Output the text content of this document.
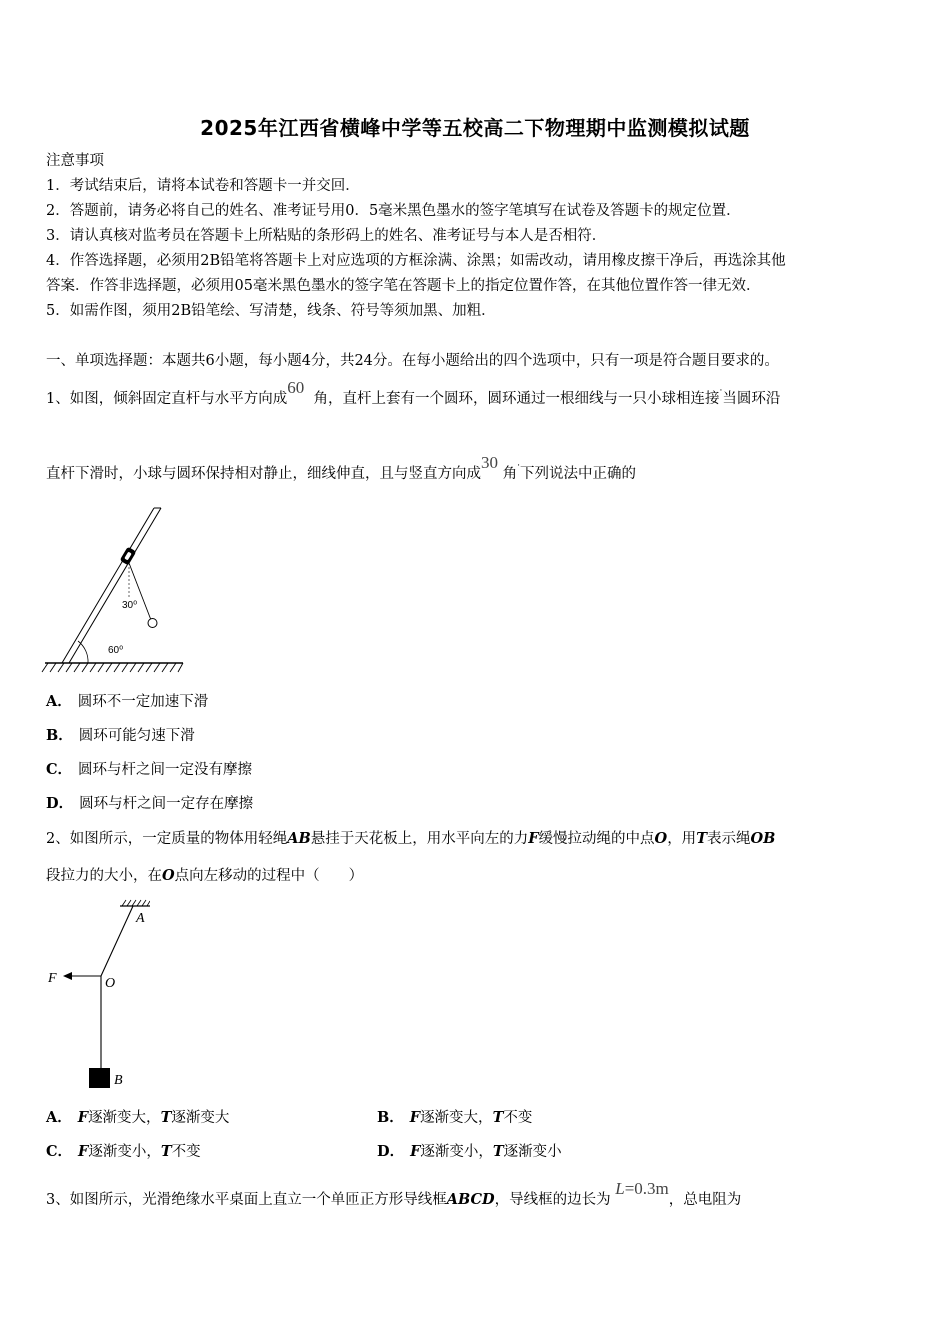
2025年江西省横峰中学等五校高二下物理期中监测模拟试题
注意事项
1．考试结束后，请将本试卷和答题卡一并交回．
2．答题前，请务必将自己的姓名、准考证号用0．5毫米黑色墨水的签字笔填写在试卷及答题卡的规定位置．
3．请认真核对监考员在答题卡上所粘贴的条形码上的姓名、准考证号与本人是否相符．
4．作答选择题，必须用2B铅笔将答题卡上对应选项的方框涂满、涂黑；如需改动，请用橡皮擦干净后，再选涂其他
答案．作答非选择题，必须用05毫米黑色墨水的签字笔在答题卡上的指定位置作答，在其他位置作答一律无效．
5．如需作图，须用2B铅笔绘、写清楚，线条、符号等须加黑、加粗．
一、单项选择题：本题共6小题，每小题4分，共24分。在每小题给出的四个选项中，只有一项是符合题目要求的。
1、如图，倾斜固定直杆与水平方向成60  角，直杆上套有一个圆环，圆环通过一根细线与一只小球相连接·当圆环沿
直杆下滑时，小球与圆环保持相对静止，细线伸直，且与竖直方向成30 角·下列说法中正确的
30⁰
60⁰
A． 圆环不一定加速下滑
B． 圆环可能匀速下滑
C． 圆环与杆之间一定没有摩擦
D． 圆环与杆之间一定存在摩擦
2、如图所示，一定质量的物体用轻绳AB悬挂于天花板上，用水平向左的力F缓慢拉动绳的中点O，用T表示绳OB
段拉力的大小，在O点向左移动的过程中（　　）
A
F	O
B
A． F逐渐变大，T逐渐变大	B． F逐渐变大，T不变
C． F逐渐变小，T不变	D． F逐渐变小，T逐渐变小
3、如图所示，光滑绝缘水平桌面上直立一个单匝正方形导线框ABCD，导线框的边长为 L=0.3m，总电阻为
